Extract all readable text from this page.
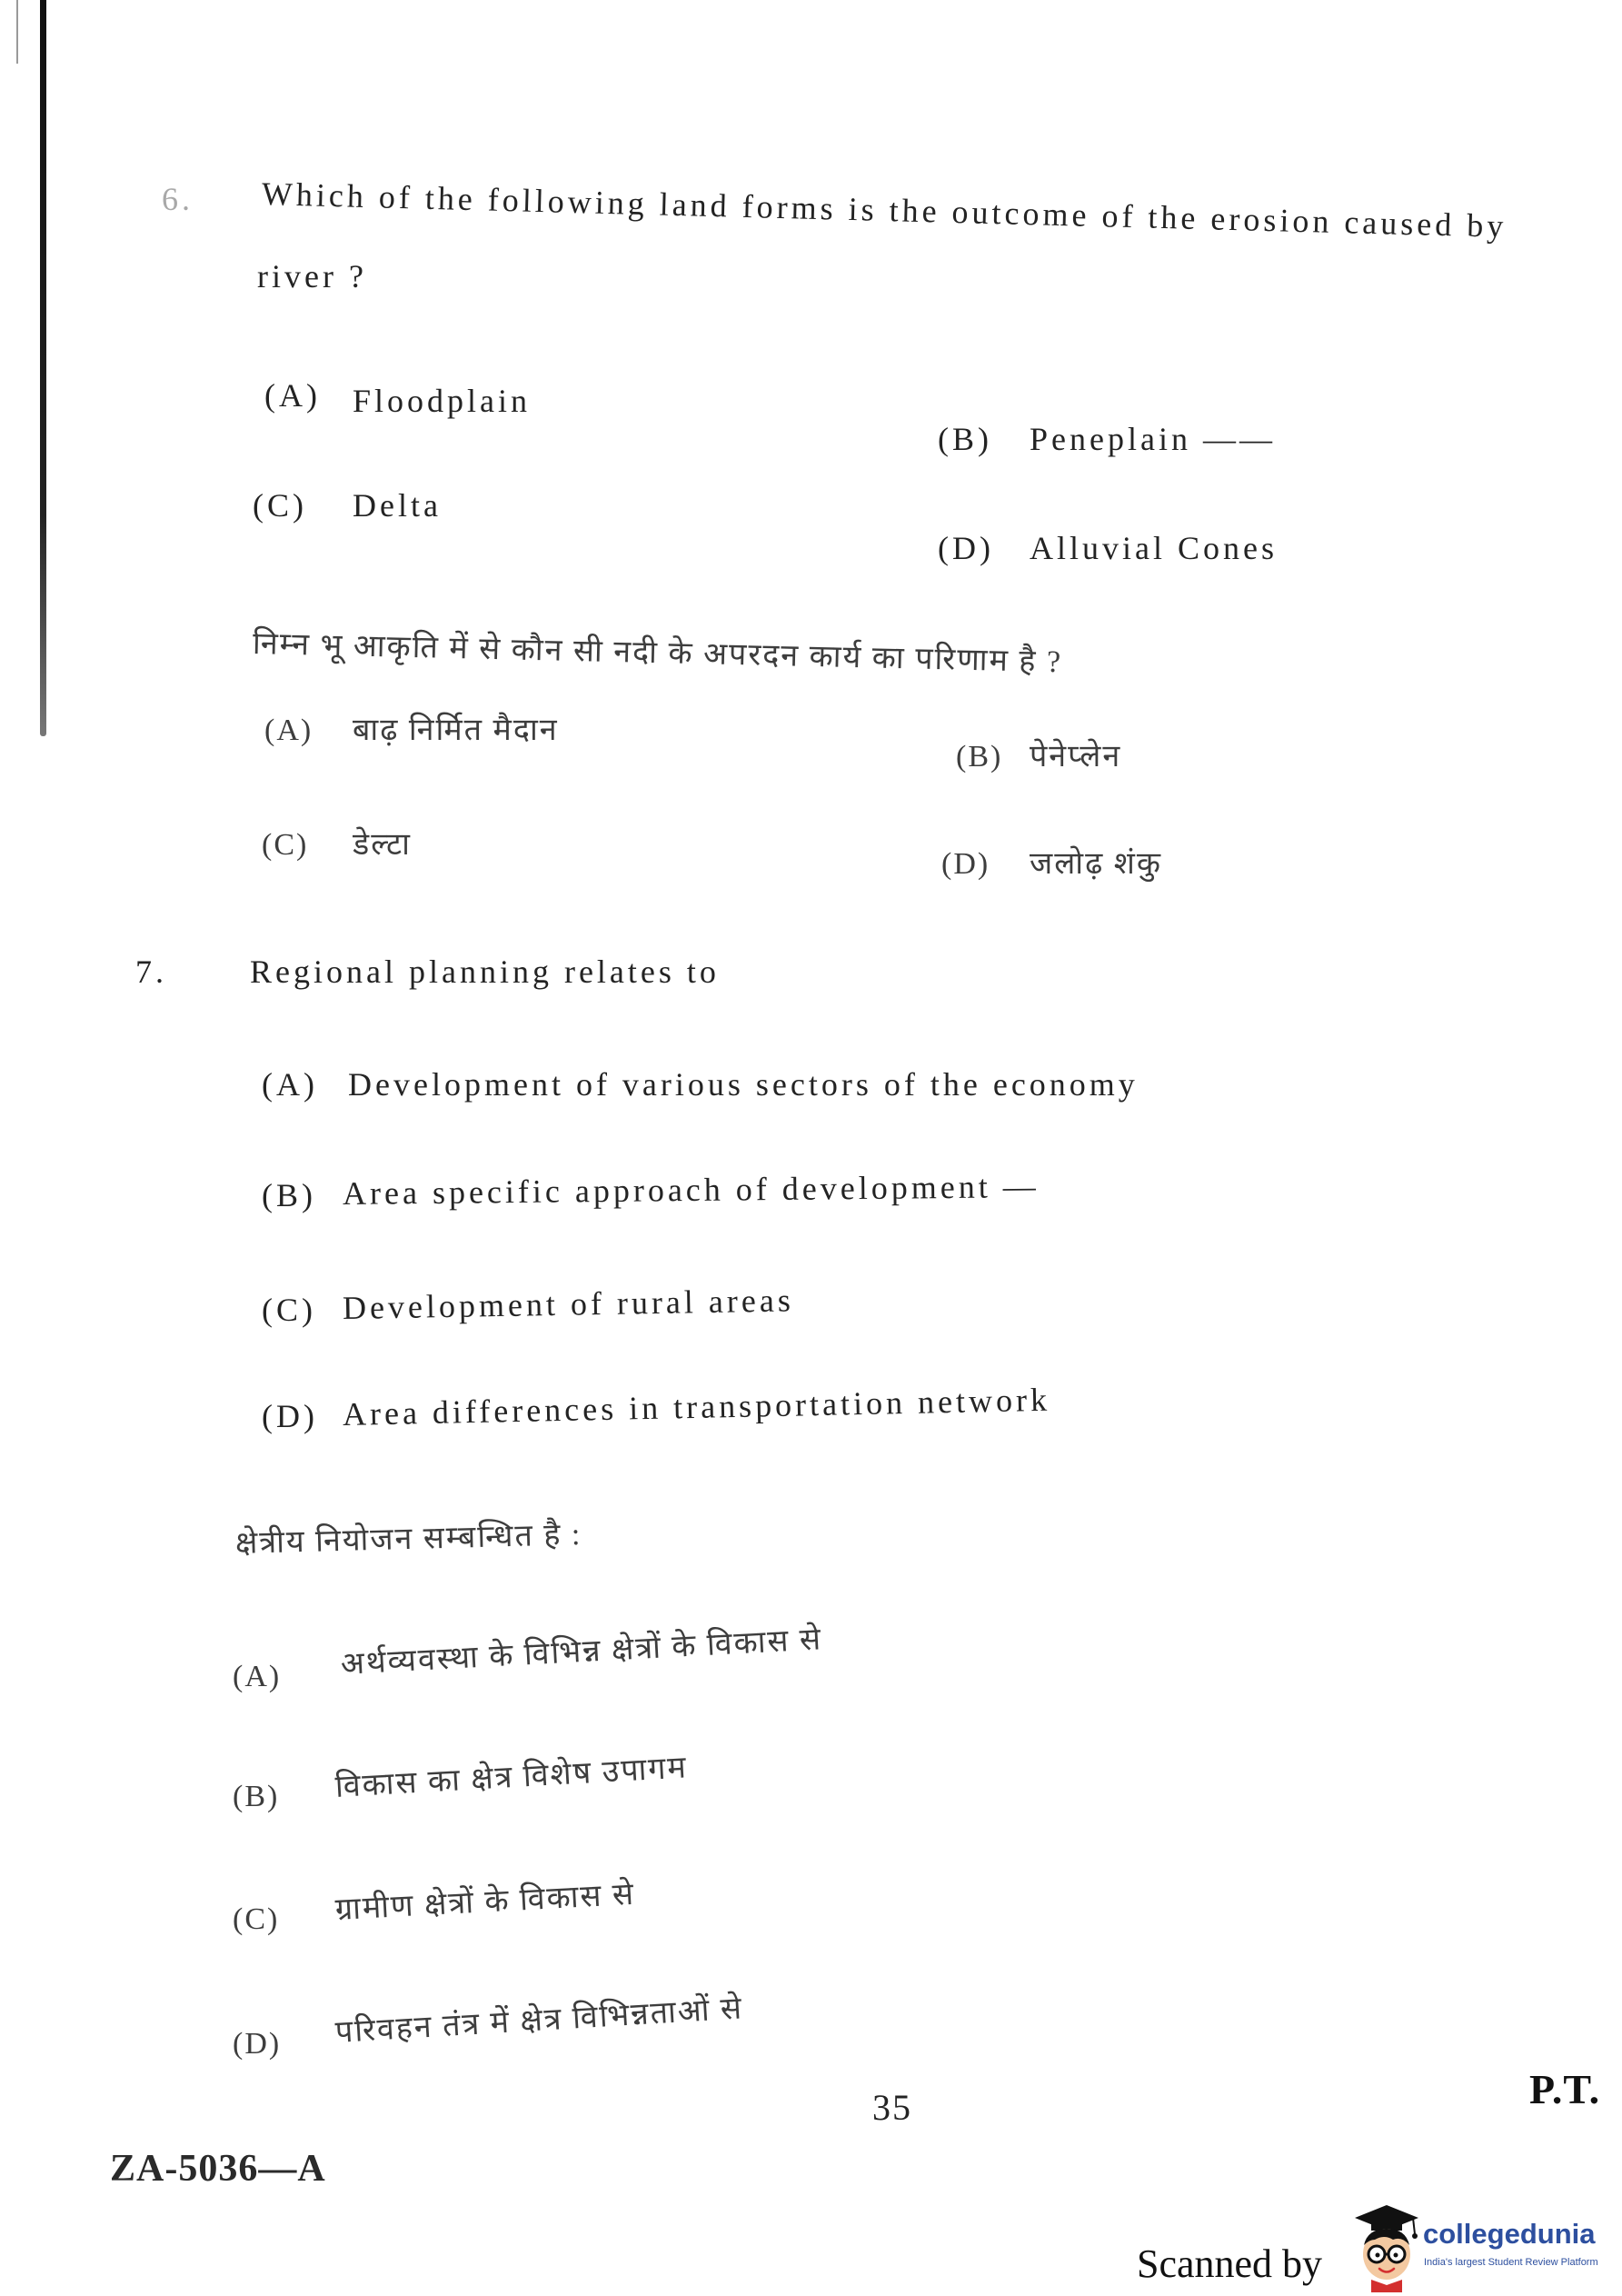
6. Which of the following land forms is the outcome of the erosion caused by
river ?
(A) Floodplain
(B) Peneplain ——
(C) Delta
(D) Alluvial Cones
निम्न भू आकृति में से कौन सी नदी के अपरदन कार्य का परिणाम है ?
(A) बाढ़ निर्मित मैदान
(B) पेनेप्लेन
(C) डेल्टा
(D) जलोढ़ शंकु
7.	Regional planning relates to
(A) Development of various sectors of the economy
(B) Area specific approach of development —
(C) Development of rural areas
(D) Area differences in transportation network
क्षेत्रीय नियोजन सम्बन्धित है :
(A) अर्थव्यवस्था के विभिन्न क्षेत्रों के विकास से
(B) विकास का क्षेत्र विशेष उपागम
(C) ग्रामीण क्षेत्रों के विकास से
(D) परिवहन तंत्र में क्षेत्र विभिन्नताओं से
35	P.T.
ZA-5036—A
Scanned by
collegedunia
India's largest Student Review Platform
